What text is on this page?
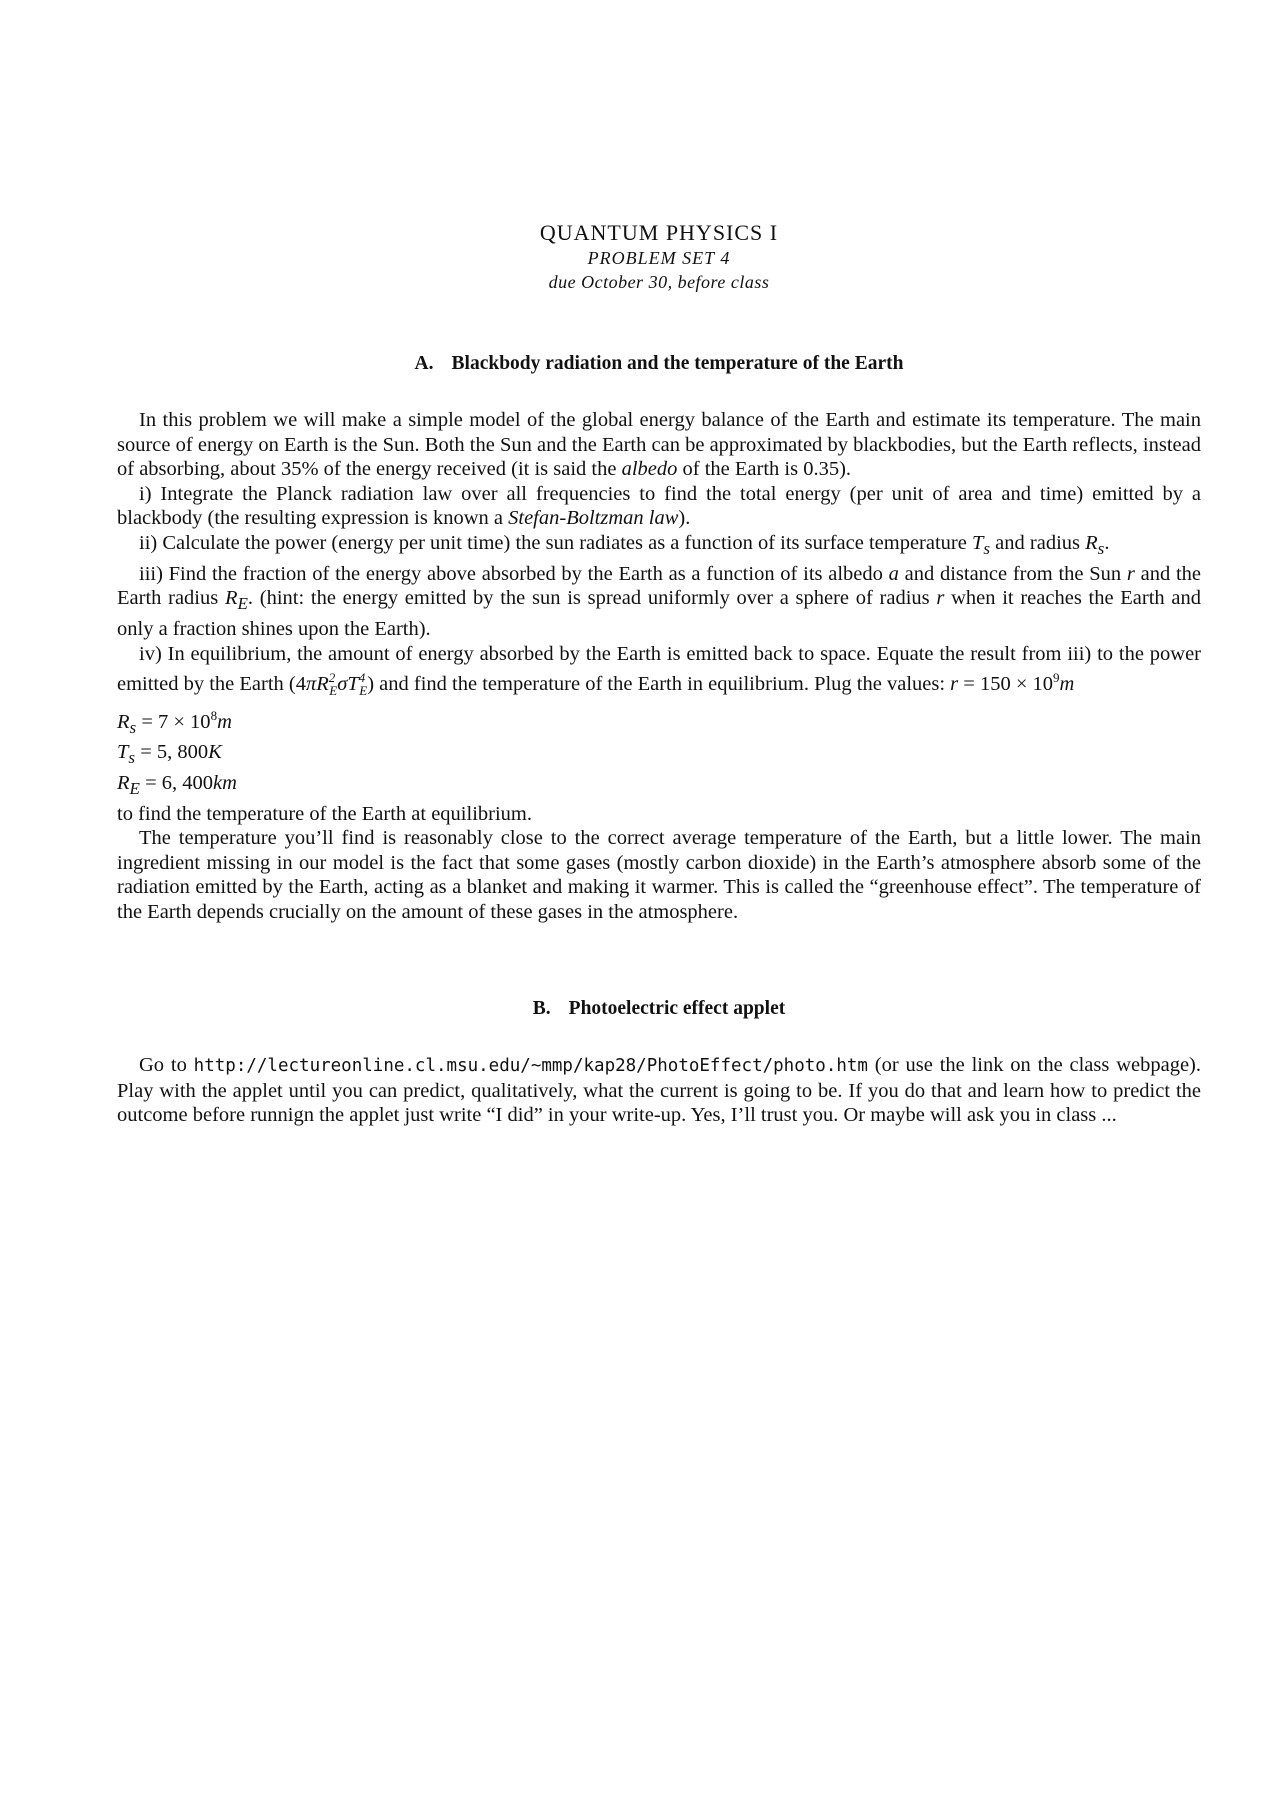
QUANTUM PHYSICS I
PROBLEM SET 4
due October 30, before class
A. Blackbody radiation and the temperature of the Earth

In this problem we will make a simple model of the global energy balance of the Earth and estimate its temperature. The main source of energy on Earth is the Sun. Both the Sun and the Earth can be approximated by blackbodies, but the Earth reflects, instead of absorbing, about 35% of the energy received (it is said the albedo of the Earth is 0.35).

i) Integrate the Planck radiation law over all frequencies to find the total energy (per unit of area and time) emitted by a blackbody (the resulting expression is known a Stefan-Boltzman law).

ii) Calculate the power (energy per unit time) the sun radiates as a function of its surface temperature $T_s$ and radius $R_s$.

iii) Find the fraction of the energy above absorbed by the Earth as a function of its albedo a and distance from the Sun r and the Earth radius $R_E$. (hint: the energy emitted by the sun is spread uniformly over a sphere of radius r when it reaches the Earth and only a fraction shines upon the Earth).

iv) In equilibrium, the amount of energy absorbed by the Earth is emitted back to space. Equate the result from iii) to the power emitted by the Earth $(4\pi R^2_E\sigma T^4_E)$ and find the temperature of the Earth in equilibrium. Plug the values: $r = 150 \times 10^9m$

$R_s = 7 \times 10^8m$

$T_s = 5$, 800K

$R_E = 6$, 400km

to find the temperature of the Earth at equilibrium.

The temperature you’ll find is reasonably close to the correct average temperature of the Earth, but a little lower. The main ingredient missing in our model is the fact that some gases (mostly carbon dioxide) in the Earth’s atmosphere absorb some of the radiation emitted by the Earth, acting as a blanket and making it warmer. This is called the “greenhouse effect”. The temperature of the Earth depends crucially on the amount of these gases in the atmosphere.

B. Photoelectric effect applet

Go to http://lectureonline.cl.msu.edu/~mmp/kap28/PhotoEffect/photo.htm (or use the link on the class webpage). Play with the applet until you can predict, qualitatively, what the current is going to be. If you do that and learn how to predict the outcome before runnign the applet just write “I did” in your write-up. Yes, I’ll trust you. Or maybe will ask you in class ...
